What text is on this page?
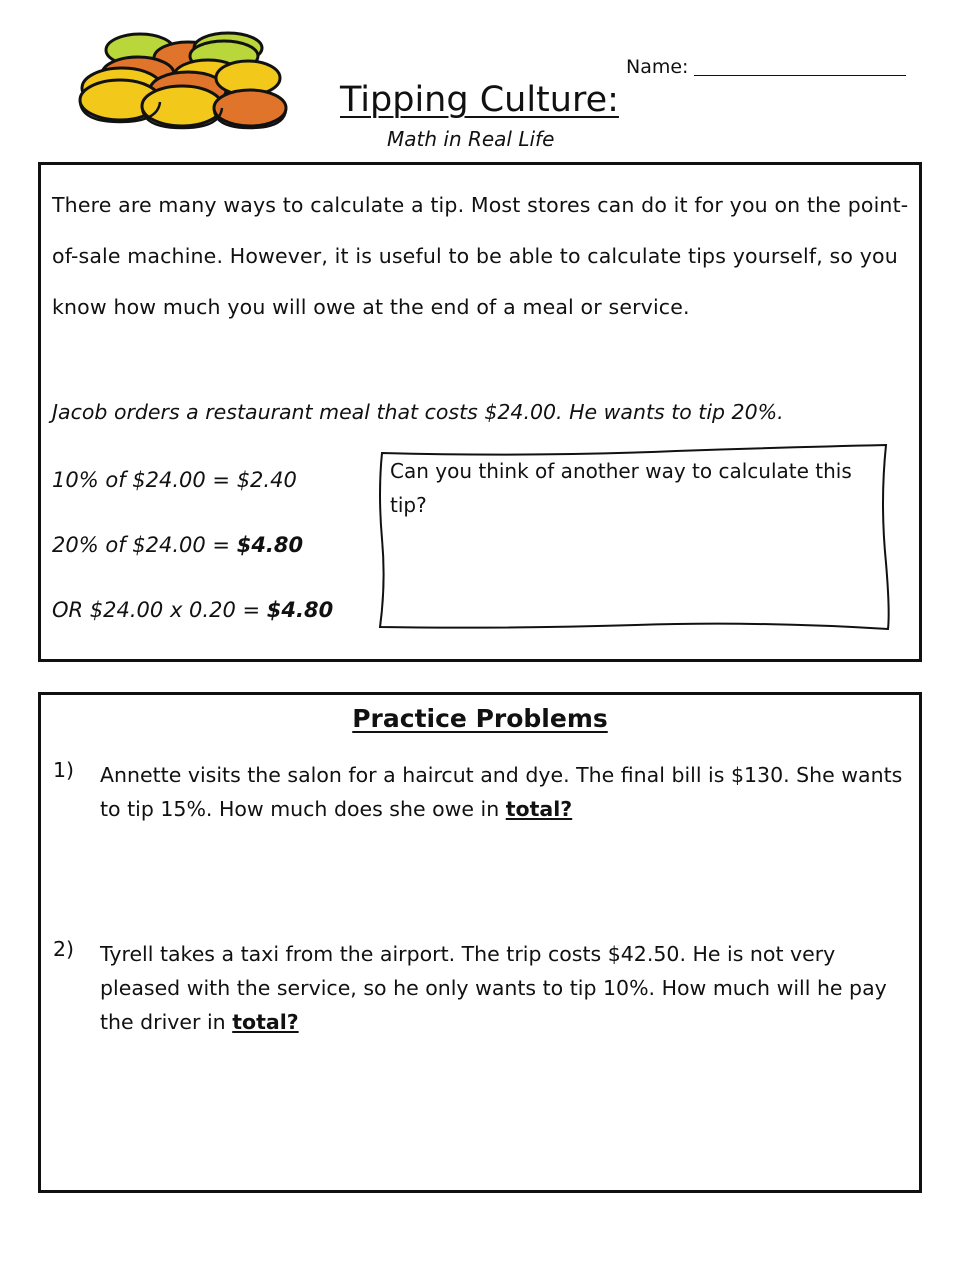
Name:
Tipping Culture:
Math in Real Life
There are many ways to calculate a tip. Most stores can do it for you on the point-of-sale machine. However, it is useful to be able to calculate tips yourself, so you know how much you will owe at the end of a meal or service.
Jacob orders a restaurant meal that costs $24.00. He wants to tip 20%.
10% of $24.00 = $2.40
20% of $24.00 = $4.80
OR $24.00 x 0.20 = $4.80
Can you think of another way to calculate this tip?
Practice Problems
1) Annette visits the salon for a haircut and dye. The final bill is $130. She wants to tip 15%. How much does she owe in total?
2) Tyrell takes a taxi from the airport. The trip costs $42.50. He is not very pleased with the service, so he only wants to tip 10%. How much will he pay the driver in total?
